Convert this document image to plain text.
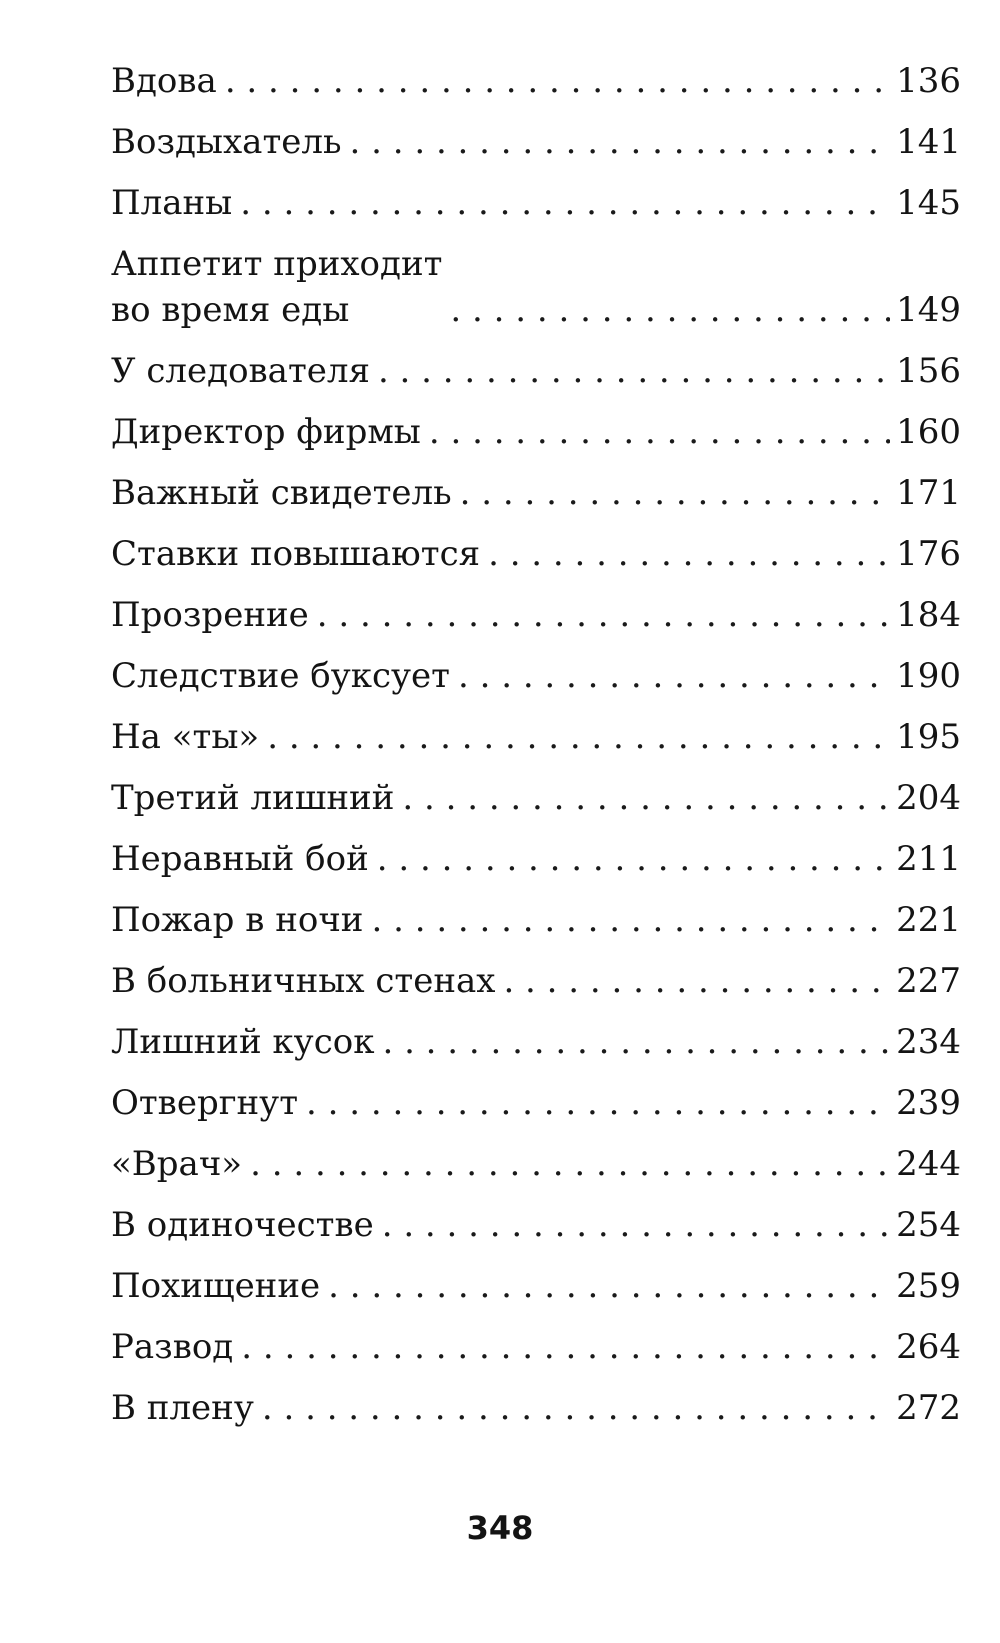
Вдова . . .	136
Воздыхатель . . .	141
Планы . . .	145
Аппетит приходит
во время еды . . .	149
У следователя . . .	156
Директор фирмы . . .	160
Важный свидетель . . .	171
Ставки повышаются . . .	176
Прозрение . . .	184
Следствие буксует . . .	190
На «ты» . . .	195
Третий лишний . . .	204
Неравный бой . . .	211
Пожар в ночи . . .	221
В больничных стенах . . .	227
Лишний кусок . . .	234
Отвергнут . . .	239
«Врач» . . .	244
В одиночестве . . .	254
Похищение . . .	259
Развод . . .	264
В плену . . .	272
348
